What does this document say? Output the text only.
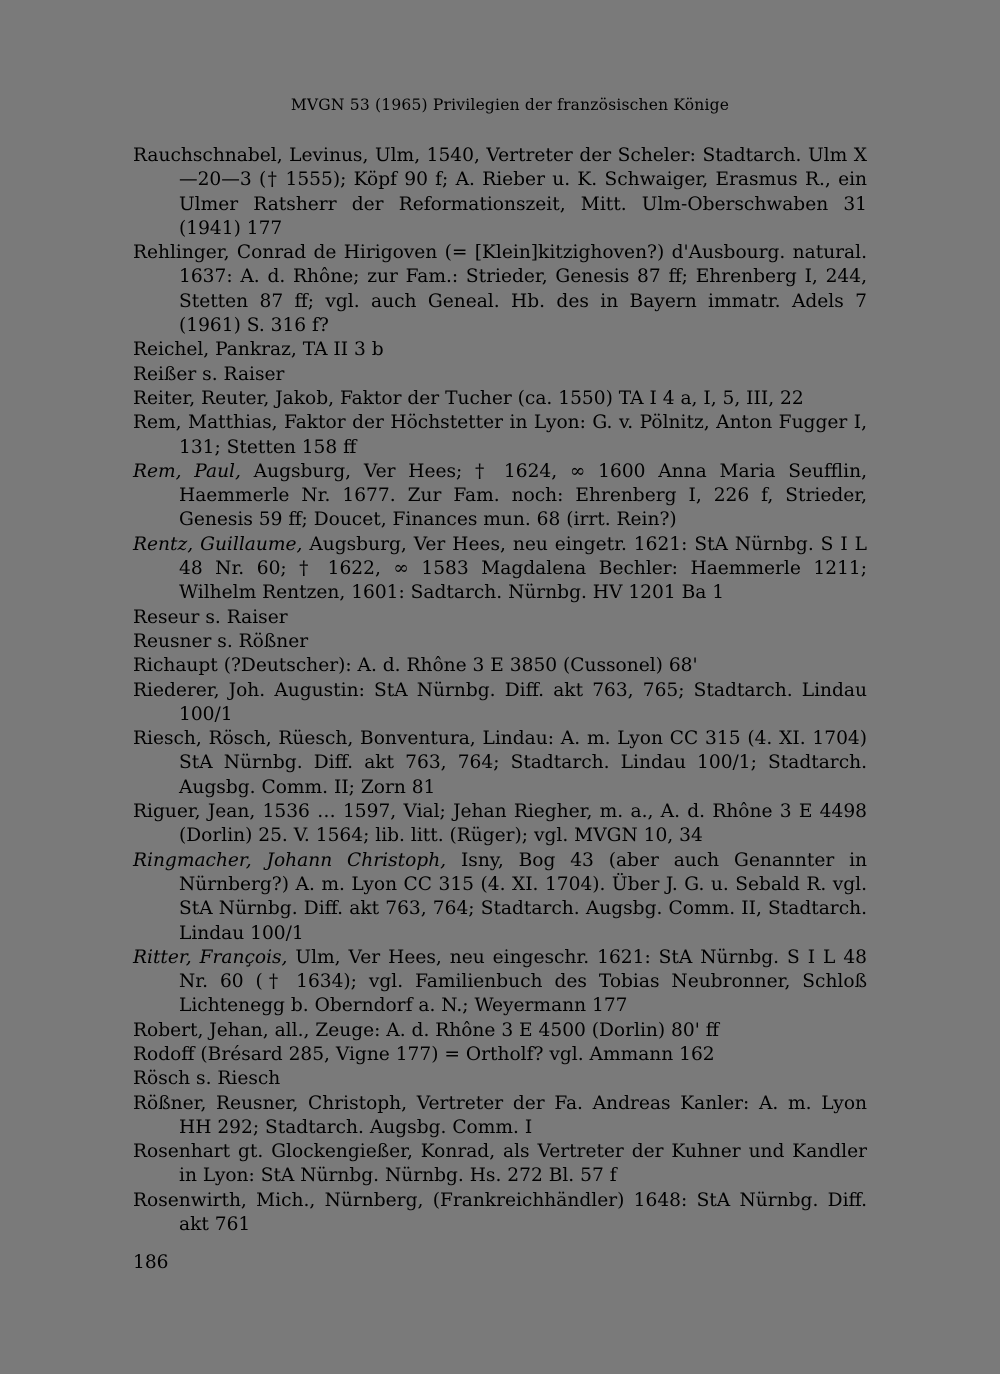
MVGN 53 (1965) Privilegien der französischen Könige
Rauchschnabel, Levinus, Ulm, 1540, Vertreter der Scheler: Stadtarch. Ulm X—20—3 († 1555); Köpf 90 f; A. Rieber u. K. Schwaiger, Erasmus R., ein Ulmer Ratsherr der Reformationszeit, Mitt. Ulm-Oberschwaben 31 (1941) 177
Rehlinger, Conrad de Hirigoven (= [Klein]kitzighoven?) d'Ausbourg. natural. 1637: A. d. Rhône; zur Fam.: Strieder, Genesis 87 ff; Ehrenberg I, 244, Stetten 87 ff; vgl. auch Geneal. Hb. des in Bayern immatr. Adels 7 (1961) S. 316 f?
Reichel, Pankraz, TA II 3 b
Reißer s. Raiser
Reiter, Reuter, Jakob, Faktor der Tucher (ca. 1550) TA I 4 a, I, 5, III, 22
Rem, Matthias, Faktor der Höchstetter in Lyon: G. v. Pölnitz, Anton Fugger I, 131; Stetten 158 ff
Rem, Paul, Augsburg, Ver Hees; † 1624, ∞ 1600 Anna Maria Seufflin, Haemmerle Nr. 1677. Zur Fam. noch: Ehrenberg I, 226 f, Strieder, Genesis 59 ff; Doucet, Finances mun. 68 (irrt. Rein?)
Rentz, Guillaume, Augsburg, Ver Hees, neu eingetr. 1621: StA Nürnbg. S I L 48 Nr. 60; † 1622, ∞ 1583 Magdalena Bechler: Haemmerle 1211; Wilhelm Rentzen, 1601: Sadtarch. Nürnbg. HV 1201 Ba 1
Reseur s. Raiser
Reusner s. Rößner
Richaupt (?Deutscher): A. d. Rhône 3 E 3850 (Cussonel) 68'
Riederer, Joh. Augustin: StA Nürnbg. Diff. akt 763, 765; Stadtarch. Lindau 100/1
Riesch, Rösch, Rüesch, Bonventura, Lindau: A. m. Lyon CC 315 (4. XI. 1704) StA Nürnbg. Diff. akt 763, 764; Stadtarch. Lindau 100/1; Stadtarch. Augsbg. Comm. II; Zorn 81
Riguer, Jean, 1536 … 1597, Vial; Jehan Riegher, m. a., A. d. Rhône 3 E 4498 (Dorlin) 25. V. 1564; lib. litt. (Rüger); vgl. MVGN 10, 34
Ringmacher, Johann Christoph, Isny, Bog 43 (aber auch Genannter in Nürnberg?) A. m. Lyon CC 315 (4. XI. 1704). Über J. G. u. Sebald R. vgl. StA Nürnbg. Diff. akt 763, 764; Stadtarch. Augsbg. Comm. II, Stadtarch. Lindau 100/1
Ritter, François, Ulm, Ver Hees, neu eingeschr. 1621: StA Nürnbg. S I L 48 Nr. 60 († 1634); vgl. Familienbuch des Tobias Neubronner, Schloß Lichtenegg b. Oberndorf a. N.; Weyermann 177
Robert, Jehan, all., Zeuge: A. d. Rhône 3 E 4500 (Dorlin) 80' ff
Rodoff (Brésard 285, Vigne 177) = Ortholf? vgl. Ammann 162
Rösch s. Riesch
Rößner, Reusner, Christoph, Vertreter der Fa. Andreas Kanler: A. m. Lyon HH 292; Stadtarch. Augsbg. Comm. I
Rosenhart gt. Glockengießer, Konrad, als Vertreter der Kuhner und Kandler in Lyon: StA Nürnbg. Nürnbg. Hs. 272 Bl. 57 f
Rosenwirth, Mich., Nürnberg, (Frankreichhändler) 1648: StA Nürnbg. Diff. akt 761
186
